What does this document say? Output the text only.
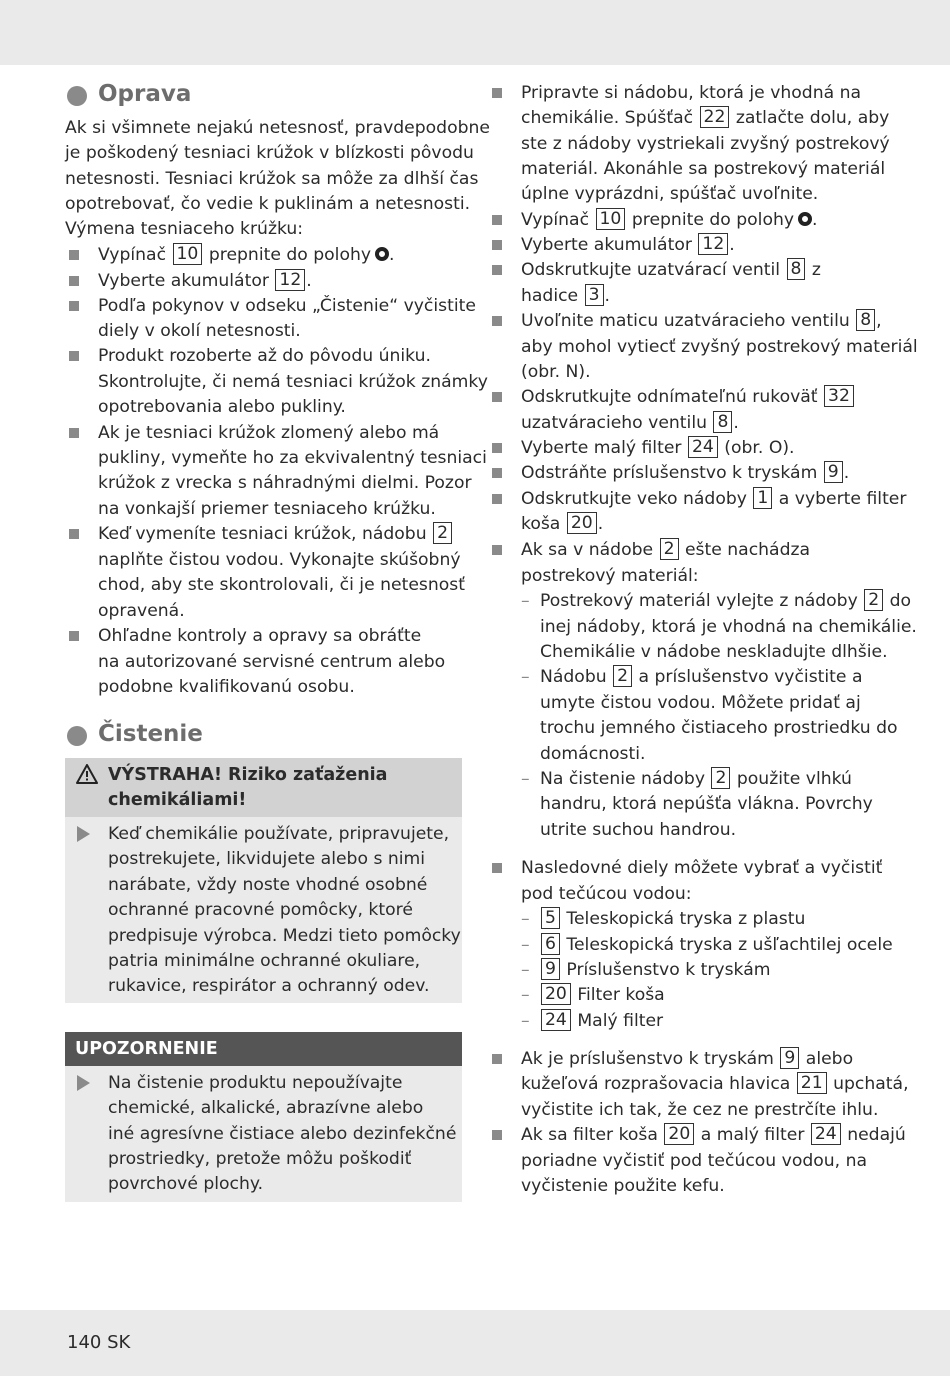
Oprava
Ak si všimnete nejakú netesnosť, pravdepodobne
je poškodený tesniaci krúžok v blízkosti pôvodu
netesnosti. Tesniaci krúžok sa môže za dlhší čas
opotrebovať, čo vedie k puklinám a netesnosti.
Výmena tesniaceho krúžku:
Vypínač 10 prepnite do polohy .
Vyberte akumulátor 12 .
Podľa pokynov v odseku „Čistenie“ vyčistite
diely v okolí netesnosti.
Produkt rozoberte až do pôvodu úniku.
Skontrolujte, či nemá tesniaci krúžok známky
opotrebovania alebo pukliny.
Ak je tesniaci krúžok zlomený alebo má
pukliny, vymeňte ho za ekvivalentný tesniaci
krúžok z vrecka s náhradnými dielmi. Pozor
na vonkajší priemer tesniaceho krúžku.
Keď vymeníte tesniaci krúžok, nádobu 2
naplňte čistou vodou. Vykonajte skúšobný
chod, aby ste skontrolovali, či je netesnosť
opravená.
Ohľadne kontroly a opravy sa obráťte
na autorizované servisné centrum alebo
podobne kvalifikovanú osobu.
Čistenie
VÝSTRAHA! Riziko zaťaženia
chemikáliami!
Keď chemikálie používate, pripravujete,
postrekujete, likvidujete alebo s nimi
narábate, vždy noste vhodné osobné
ochranné pracovné pomôcky, ktoré
predpisuje výrobca. Medzi tieto pomôcky
patria minimálne ochranné okuliare,
rukavice, respirátor a ochranný odev.
UPOZORNENIE
Na čistenie produktu nepoužívajte
chemické, alkalické, abrazívne alebo
iné agresívne čistiace alebo dezinfekčné
prostriedky, pretože môžu poškodiť
povrchové plochy.
Pripravte si nádobu, ktorá je vhodná na
chemikálie. Spúšťač 22 zatlačte dolu, aby
ste z nádoby vystriekali zvyšný postrekový
materiál. Akonáhle sa postrekový materiál
úplne vyprázdni, spúšťač uvoľnite.
Vypínač 10 prepnite do polohy .
Vyberte akumulátor 12 .
Odskrutkujte uzatvárací ventil 8 z
hadice 3 .
Uvoľnite maticu uzatváracieho ventilu 8 ,
aby mohol vytiecť zvyšný postrekový materiál
(obr. N).
Odskrutkujte odnímateľnú rukoväť 32
uzatváracieho ventilu 8 .
Vyberte malý filter 24 (obr. O).
Odstráňte príslušenstvo k tryskám 9 .
Odskrutkujte veko nádoby 1 a vyberte filter
koša 20 .
Ak sa v nádobe 2 ešte nachádza
postrekový materiál:
– Postrekový materiál vylejte z nádoby 2 do
inej nádoby, ktorá je vhodná na chemikálie.
Chemikálie v nádobe neskladujte dlhšie.
– Nádobu 2 a príslušenstvo vyčistite a
umyte čistou vodou. Môžete pridať aj
trochu jemného čistiaceho prostriedku do
domácnosti.
– Na čistenie nádoby 2 použite vlhkú
handru, ktorá nepúšťa vlákna. Povrchy
utrite suchou handrou.
Nasledovné diely môžete vybrať a vyčistiť
pod tečúcou vodou:
– 5 Teleskopická tryska z plastu
– 6 Teleskopická tryska z ušľachtilej ocele
– 9 Príslušenstvo k tryskám
– 20 Filter koša
– 24 Malý filter
Ak je príslušenstvo k tryskám 9 alebo
kužeľová rozprašovacia hlavica 21 upchatá,
vyčistite ich tak, že cez ne prestrčíte ihlu.
Ak sa filter koša 20 a malý filter 24 nedajú
poriadne vyčistiť pod tečúcou vodou, na
vyčistenie použite kefu.
140 SK
